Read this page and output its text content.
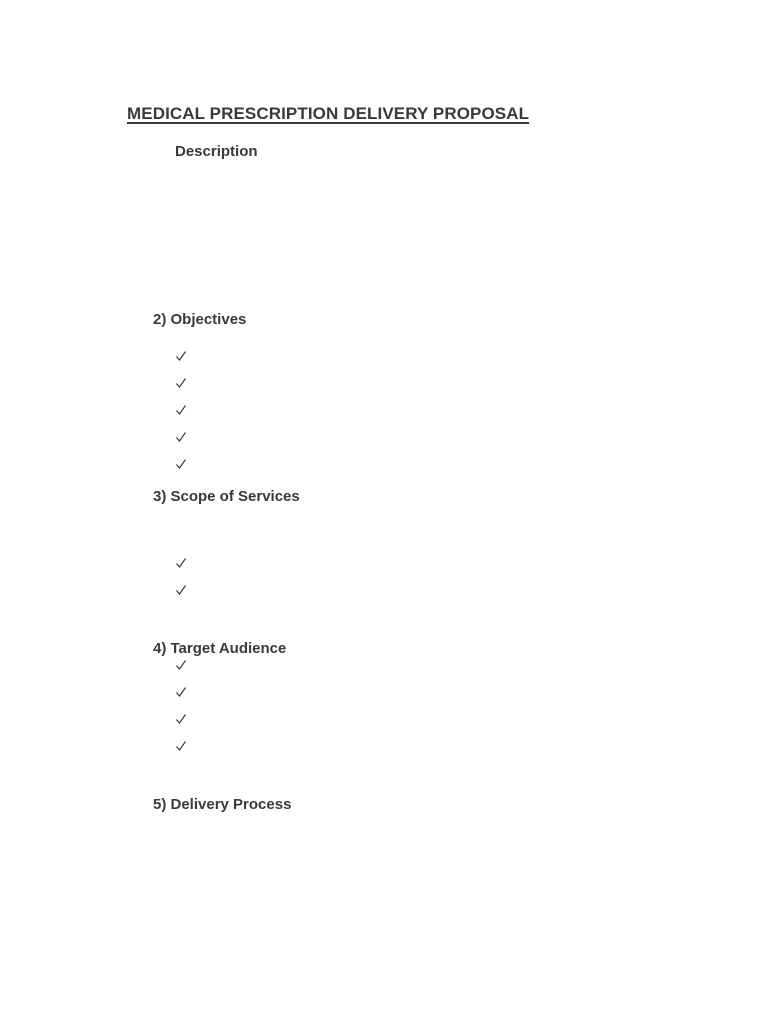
MEDICAL PRESCRIPTION DELIVERY PROPOSAL
Description
2) Objectives
3) Scope of Services
4) Target Audience
5) Delivery Process
